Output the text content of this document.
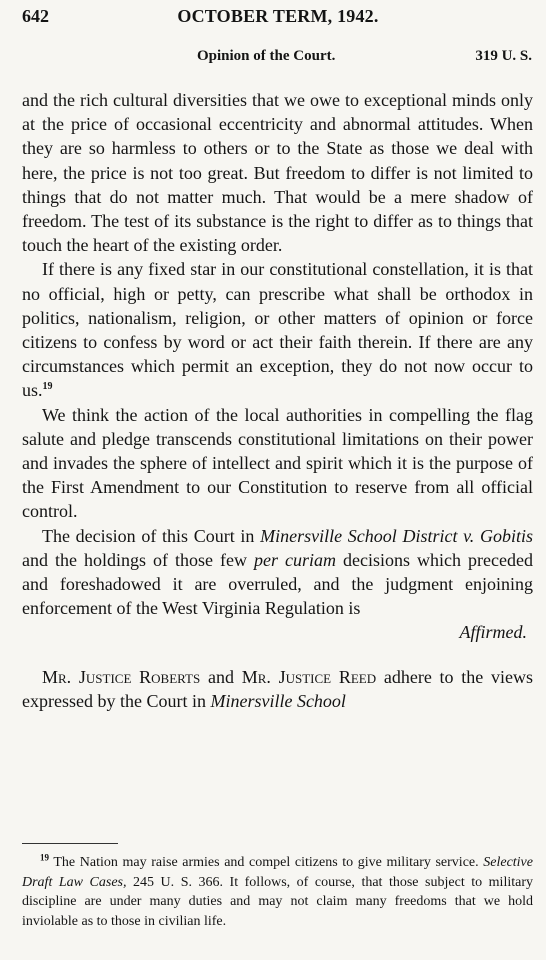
642	OCTOBER TERM, 1942.
Opinion of the Court.	319 U. S.

and the rich cultural diversities that we owe to exceptional minds only at the price of occasional eccentricity and abnormal attitudes. When they are so harmless to others or to the State as those we deal with here, the price is not too great. But freedom to differ is not limited to things that do not matter much. That would be a mere shadow of freedom. The test of its substance is the right to differ as to things that touch the heart of the existing order.

If there is any fixed star in our constitutional constellation, it is that no official, high or petty, can prescribe what shall be orthodox in politics, nationalism, religion, or other matters of opinion or force citizens to confess by word or act their faith therein. If there are any circumstances which permit an exception, they do not now occur to us.$^{19}$

We think the action of the local authorities in compelling the flag salute and pledge transcends constitutional limitations on their power and invades the sphere of intellect and spirit which it is the purpose of the First Amendment to our Constitution to reserve from all official control.

The decision of this Court in Minersville School District v. Gobitis and the holdings of those few per curiam decisions which preceded and foreshadowed it are overruled, and the judgment enjoining enforcement of the West Virginia Regulation is

Affirmed.

Mr. Justice Roberts and Mr. Justice Reed adhere to the views expressed by the Court in Minersville School

$^{19}$ The Nation may raise armies and compel citizens to give military service. Selective Draft Law Cases, 245 U. S. 366. It follows, of course, that those subject to military discipline are under many duties and may not claim many freedoms that we hold inviolable as to those in civilian life.
